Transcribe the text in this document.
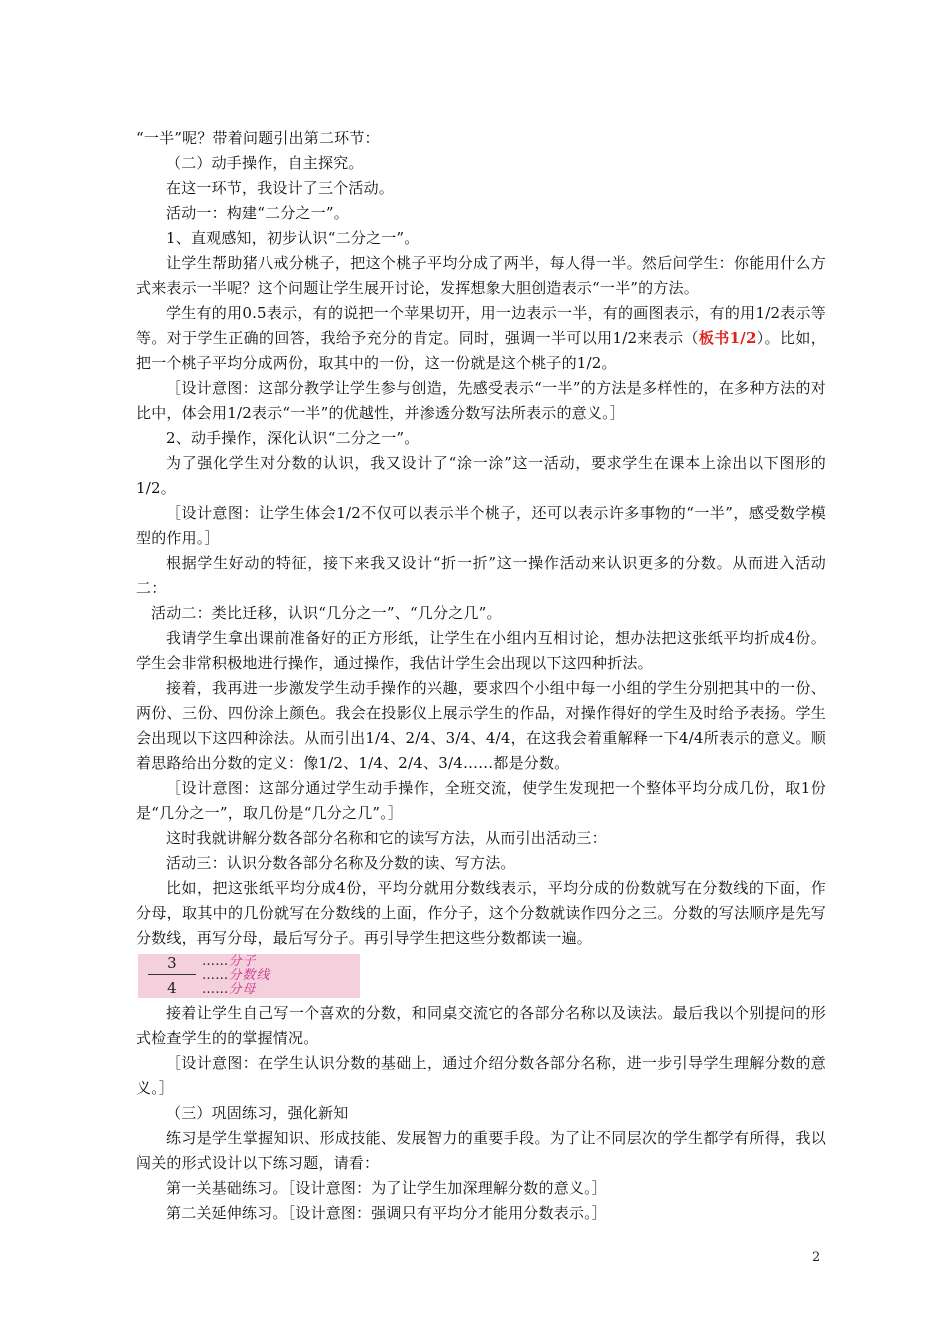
“一半”呢？带着问题引出第二环节：

（二）动手操作，自主探究。

在这一环节，我设计了三个活动。

活动一：构建“二分之一”。

1、直观感知，初步认识“二分之一”。

让学生帮助猪八戒分桃子，把这个桃子平均分成了两半，每人得一半。然后问学生：你能用什么方式来表示一半呢？这个问题让学生展开讨论，发挥想象大胆创造表示“一半”的方法。

学生有的用0.5表示，有的说把一个苹果切开，用一边表示一半，有的画图表示，有的用1/2表示等等。对于学生正确的回答，我给予充分的肯定。同时，强调一半可以用1/2来表示（板书1/2）。比如，把一个桃子平均分成两份，取其中的一份，这一份就是这个桃子的1/2。

［设计意图：这部分教学让学生参与创造，先感受表示“一半”的方法是多样性的，在多种方法的对比中，体会用1/2表示“一半”的优越性，并渗透分数写法所表示的意义。］

2、动手操作，深化认识“二分之一”。

为了强化学生对分数的认识，我又设计了“涂一涂”这一活动，要求学生在课本上涂出以下图形的1/2。

［设计意图：让学生体会1/2不仅可以表示半个桃子，还可以表示许多事物的“一半”，感受数学模型的作用。］

根据学生好动的特征，接下来我又设计“折一折”这一操作活动来认识更多的分数。从而进入活动二：

活动二：类比迁移，认识“几分之一”、“几分之几”。

我请学生拿出课前准备好的正方形纸，让学生在小组内互相讨论，想办法把这张纸平均折成4份。学生会非常积极地进行操作，通过操作，我估计学生会出现以下这四种折法。

接着，我再进一步激发学生动手操作的兴趣，要求四个小组中每一小组的学生分别把其中的一份、两份、三份、四份涂上颜色。我会在投影仪上展示学生的作品，对操作得好的学生及时给予表扬。学生会出现以下这四种涂法。从而引出1/4、2/4、3/4、4/4，在这我会着重解释一下4/4所表示的意义。顺着思路给出分数的定义：像1/2、1/4、2/4、3/4……都是分数。

［设计意图：这部分通过学生动手操作，全班交流，使学生发现把一个整体平均分成几份，取1份是“几分之一”，取几份是“几分之几”。］

这时我就讲解分数各部分名称和它的读写方法，从而引出活动三：

活动三：认识分数各部分名称及分数的读、写方法。

比如，把这张纸平均分成4份，平均分就用分数线表示，平均分成的份数就写在分数线的下面，作分母，取其中的几份就写在分数线的上面，作分子，这个分数就读作四分之三。分数的写法顺序是先写分数线，再写分母，最后写分子。再引导学生把这些分数都读一遍。

3
4
……分子
……分数线
……分母

接着让学生自己写一个喜欢的分数，和同桌交流它的各部分名称以及读法。最后我以个别提问的形式检查学生的的掌握情况。

［设计意图：在学生认识分数的基础上，通过介绍分数各部分名称，进一步引导学生理解分数的意义。］

（三）巩固练习，强化新知

练习是学生掌握知识、形成技能、发展智力的重要手段。为了让不同层次的学生都学有所得，我以闯关的形式设计以下练习题，请看：

第一关基础练习。［设计意图：为了让学生加深理解分数的意义。］

第二关延伸练习。［设计意图：强调只有平均分才能用分数表示。］

2
